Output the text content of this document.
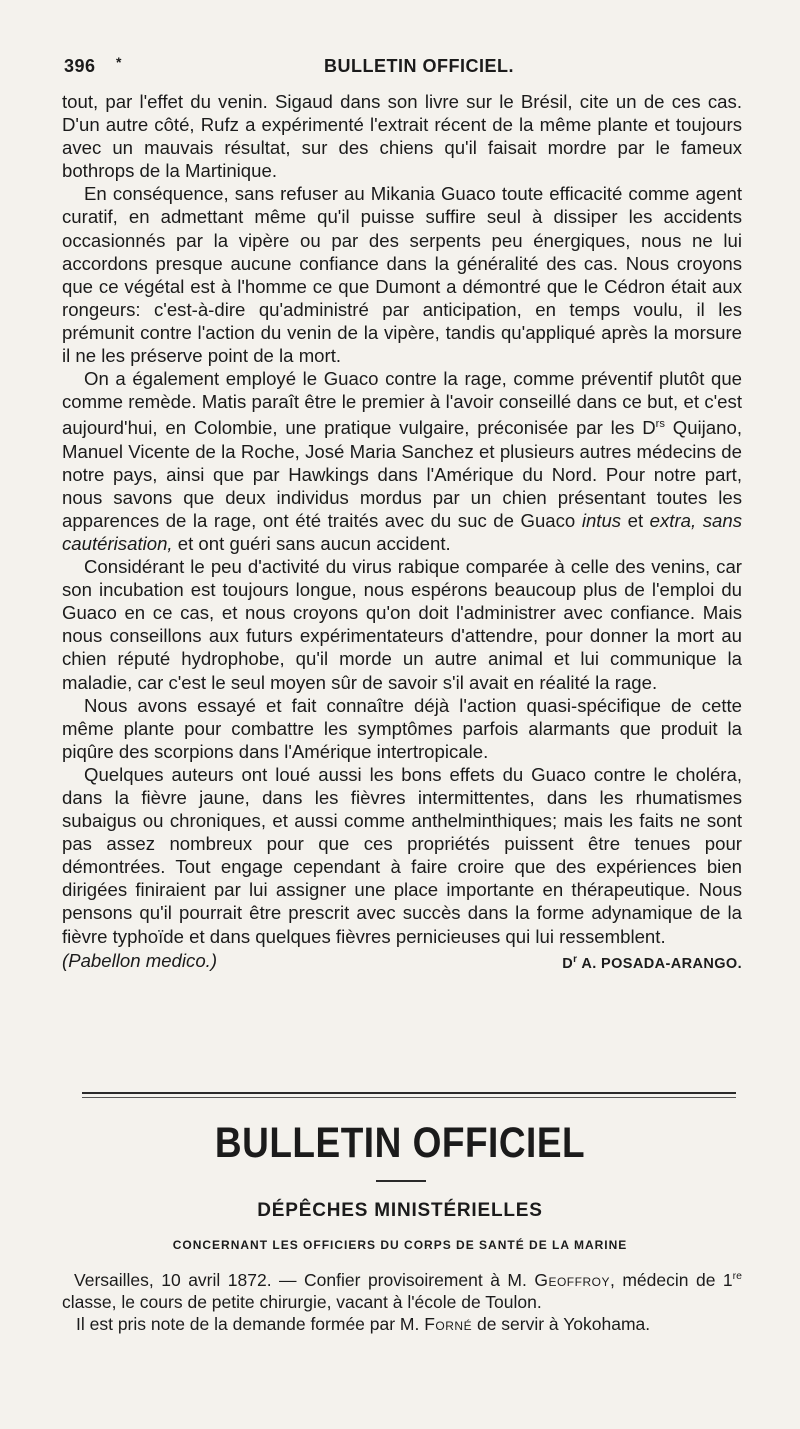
396 *	BULLETIN OFFICIEL.

tout, par l'effet du venin. Sigaud dans son livre sur le Brésil, cite un de ces cas. D'un autre côté, Rufz a expérimenté l'extrait récent de la même plante et toujours avec un mauvais résultat, sur des chiens qu'il faisait mordre par le fameux bothrops de la Martinique.

En conséquence, sans refuser au Mikania Guaco toute efficacité comme agent curatif, en admettant même qu'il puisse suffire seul à dissiper les accidents occasionnés par la vipère ou par des serpents peu énergiques, nous ne lui accordons presque aucune confiance dans la généralité des cas. Nous croyons que ce végétal est à l'homme ce que Dumont a démontré que le Cédron était aux rongeurs: c'est-à-dire qu'administré par anticipation, en temps voulu, il les prémunit contre l'action du venin de la vipère, tandis qu'appliqué après la morsure il ne les préserve point de la mort.

On a également employé le Guaco contre la rage, comme préventif plutôt que comme remède. Matis paraît être le premier à l'avoir conseillé dans ce but, et c'est aujourd'hui, en Colombie, une pratique vulgaire, préconisée par les $D^{rs}$ Quijano, Manuel Vicente de la Roche, José Maria Sanchez et plusieurs autres médecins de notre pays, ainsi que par Hawkings dans l'Amérique du Nord. Pour notre part, nous savons que deux individus mordus par un chien présentant toutes les apparences de la rage, ont été traités avec du suc de Guaco intus et extra, sans cautérisation, et ont guéri sans aucun accident.

Considérant le peu d'activité du virus rabique comparée à celle des venins, car son incubation est toujours longue, nous espérons beaucoup plus de l'emploi du Guaco en ce cas, et nous croyons qu'on doit l'administrer avec confiance. Mais nous conseillons aux futurs expérimentateurs d'attendre, pour donner la mort au chien réputé hydrophobe, qu'il morde un autre animal et lui communique la maladie, car c'est le seul moyen sûr de savoir s'il avait en réalité la rage.

Nous avons essayé et fait connaître déjà l'action quasi-spécifique de cette même plante pour combattre les symptômes parfois alarmants que produit la piqûre des scorpions dans l'Amérique intertropicale.

Quelques auteurs ont loué aussi les bons effets du Guaco contre le choléra, dans la fièvre jaune, dans les fièvres intermittentes, dans les rhumatismes subaigus ou chroniques, et aussi comme anthelminthiques; mais les faits ne sont pas assez nombreux pour que ces propriétés puissent être tenues pour démontrées. Tout engage cependant à faire croire que des expériences bien dirigées finiraient par lui assigner une place importante en thérapeutique. Nous pensons qu'il pourrait être prescrit avec succès dans la forme adynamique de la fièvre typhoïde et dans quelques fièvres pernicieuses qui lui ressemblent.

(Pabellon medico.)	$D^r$ A. POSADA-ARANGO.
BULLETIN OFFICIEL
DÉPÊCHES MINISTÉRIELLES
CONCERNANT LES OFFICIERS DU CORPS DE SANTÉ DE LA MARINE

Versailles, 10 avril 1872. — Confier provisoirement à M. Geoffroy, médecin de 1re classe, le cours de petite chirurgie, vacant à l'école de Toulon.

Il est pris note de la demande formée par M. Forné de servir à Yokohama.
